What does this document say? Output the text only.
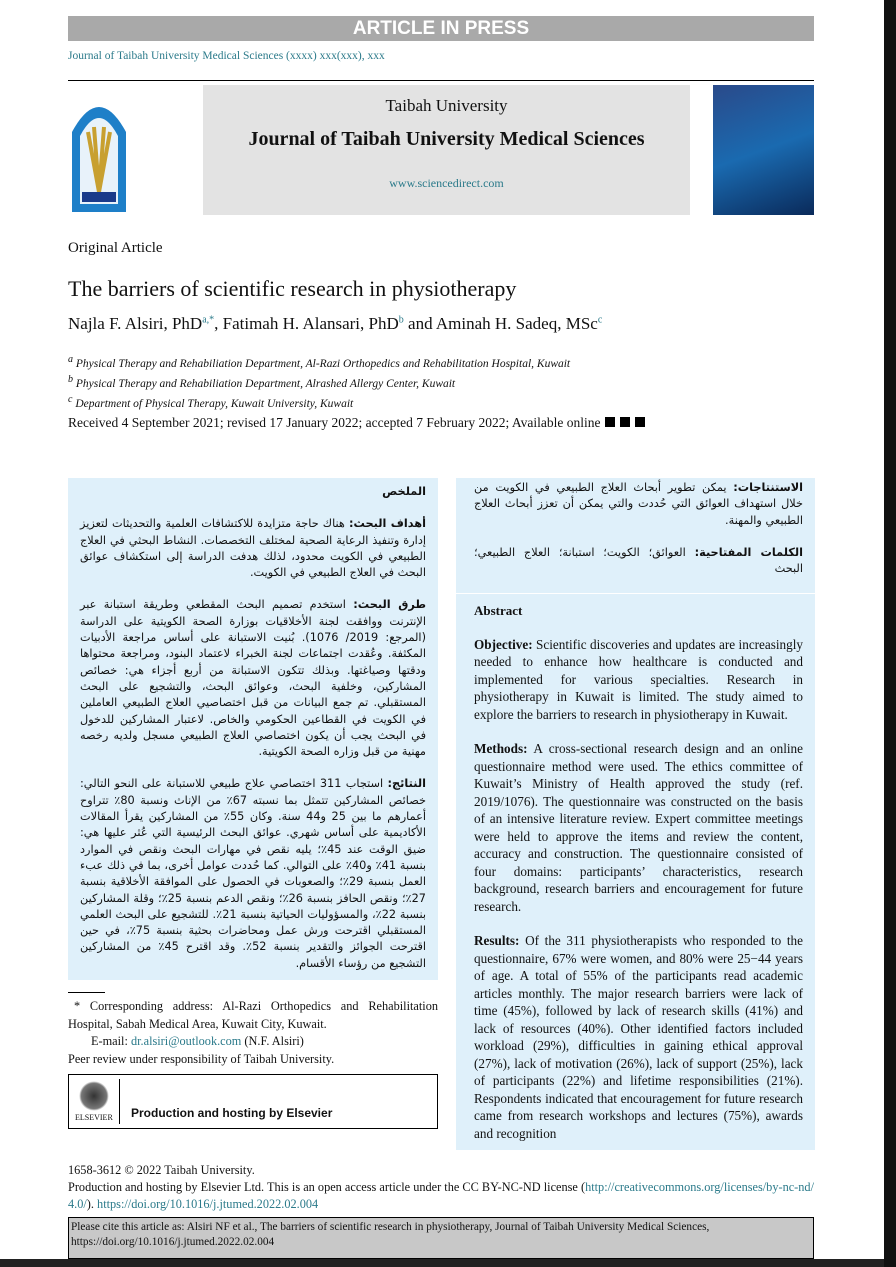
ARTICLE IN PRESS
Journal of Taibah University Medical Sciences (xxxx) xxx(xxx), xxx
Taibah University
Journal of Taibah University Medical Sciences
www.sciencedirect.com
Original Article
The barriers of scientific research in physiotherapy
Najla F. Alsiri, PhD$^{a,*}$, Fatimah H. Alansari, PhD$^b$ and Aminah H. Sadeq, MSc$^c$
$^a$ Physical Therapy and Rehabiliation Department, Al-Razi Orthopedics and Rehabilitation Hospital, Kuwait
$^b$ Physical Therapy and Rehabiliation Department, Alrashed Allergy Center, Kuwait
$^c$ Department of Physical Therapy, Kuwait University, Kuwait
Received 4 September 2021; revised 17 January 2022; accepted 7 February 2022; Available online

الملخص

أهداف البحث: هناك حاجة متزايدة للاكتشافات العلمية والتحديثات لتعزيز إدارة وتنفيذ الرعاية الصحية لمختلف التخصصات. النشاط البحثي في العلاج الطبيعي في الكويت محدود، لذلك هدفت الدراسة إلى استكشاف عوائق البحث في العلاج الطبيعي في الكويت.

طرق البحث: استخدم تصميم البحث المقطعي وطريقة استبانة عبر الإنترنت ووافقت لجنة الأخلاقيات بوزارة الصحة الكويتية على الدراسة (المرجع: 2019/ 1076). بُنيت الاستبانة على أساس مراجعة الأدبيات المكثفة. وعُقدت اجتماعات لجنة الخبراء لاعتماد البنود، ومراجعة محتواها ودقتها وصياغتها. وبذلك تتكون الاستبانة من أربع أجزاء هي: خصائص المشاركين، وخلفية البحث، وعوائق البحث، والتشجيع على البحث المستقبلي. تم جمع البيانات من قبل اختصاصيي العلاج الطبيعي العاملين في الكويت في القطاعين الحكومي والخاص. لاعتبار المشاركين للدخول في البحث يجب أن يكون اختصاصي العلاج الطبيعي مسجل ولديه رخصه مهنية من قبل وزاره الصحة الكويتية.

النتائج: استجاب 311 اختصاصي علاج طبيعي للاستبانة على النحو التالي: خصائص المشاركين تتمثل بما نسبته 67٪ من الإناث ونسبة 80٪ تتراوح أعمارهم ما بين 25 و44 سنة. وكان 55٪ من المشاركين يقرأ المقالات الأكاديمية على أساس شهري. عوائق البحث الرئيسية التي عُثر عليها هي: ضيق الوقت عند 45٪؛ يليه نقص في مهارات البحث ونقص في الموارد بنسبة 41٪ و40٪ على التوالي. كما حُددت عوامل أخرى، بما في ذلك عبء العمل بنسبة 29٪؛ والصعوبات في الحصول على الموافقة الأخلاقية بنسبة 27٪؛ ونقص الحافز بنسبة 26٪؛ ونقص الدعم بنسبة 25٪؛ وقلة المشاركين بنسبة 22٪، والمسؤوليات الحياتية بنسبة 21٪. للتشجيع على البحث العلمي المستقبلي اقترحت ورش عمل ومحاضرات بحثية بنسبة 75٪، في حين اقترحت الجوائز والتقدير بنسبة 52٪. وقد اقترح 45٪ من المشاركين التشجيع من رؤساء الأقسام.

* Corresponding address: Al-Razi Orthopedics and Rehabilitation Hospital, Sabah Medical Area, Kuwait City, Kuwait.
E-mail: dr.alsiri@outlook.com (N.F. Alsiri)
Peer review under responsibility of Taibah University.
ELSEVIER Production and hosting by Elsevier
الاستنتاجات: يمكن تطوير أبحاث العلاج الطبيعي في الكويت من خلال استهداف العوائق التي حُددت والتي يمكن أن تعزز أبحاث العلاج الطبيعي والمهنة.
الكلمات المفتاحية: العوائق؛ الكويت؛ استبانة؛ العلاج الطبيعي؛ البحث
Abstract

Objective: Scientific discoveries and updates are increasingly needed to enhance how healthcare is conducted and implemented for various specialties. Research in physiotherapy in Kuwait is limited. The study aimed to explore the barriers to research in physiotherapy in Kuwait.

Methods: A cross-sectional research design and an online questionnaire method were used. The ethics committee of Kuwait’s Ministry of Health approved the study (ref. 2019/1076). The questionnaire was constructed on the basis of an intensive literature review. Expert committee meetings were held to approve the items and review the content, accuracy and construction. The questionnaire consisted of four domains: participants’ characteristics, research background, research barriers and encouragement for future research.

Results: Of the 311 physiotherapists who responded to the questionnaire, 67% were women, and 80% were 25−44 years of age. A total of 55% of the participants read academic articles monthly. The major research barriers were lack of time (45%), followed by lack of research skills (41%) and lack of resources (40%). Other identified factors included workload (29%), difficulties in gaining ethical approval (27%), lack of motivation (26%), lack of support (25%), lack of participants (22%) and lifetime responsibilities (21%). Respondents indicated that encouragement for future research came from research workshops and lectures (75%), awards and recognition

1658-3612 © 2022 Taibah University.
Production and hosting by Elsevier Ltd. This is an open access article under the CC BY-NC-ND license (http://creativecommons.org/licenses/by-nc-nd/4.0/). https://doi.org/10.1016/j.jtumed.2022.02.004
Please cite this article as: Alsiri NF et al., The barriers of scientific research in physiotherapy, Journal of Taibah University Medical Sciences, https://doi.org/10.1016/j.jtumed.2022.02.004
